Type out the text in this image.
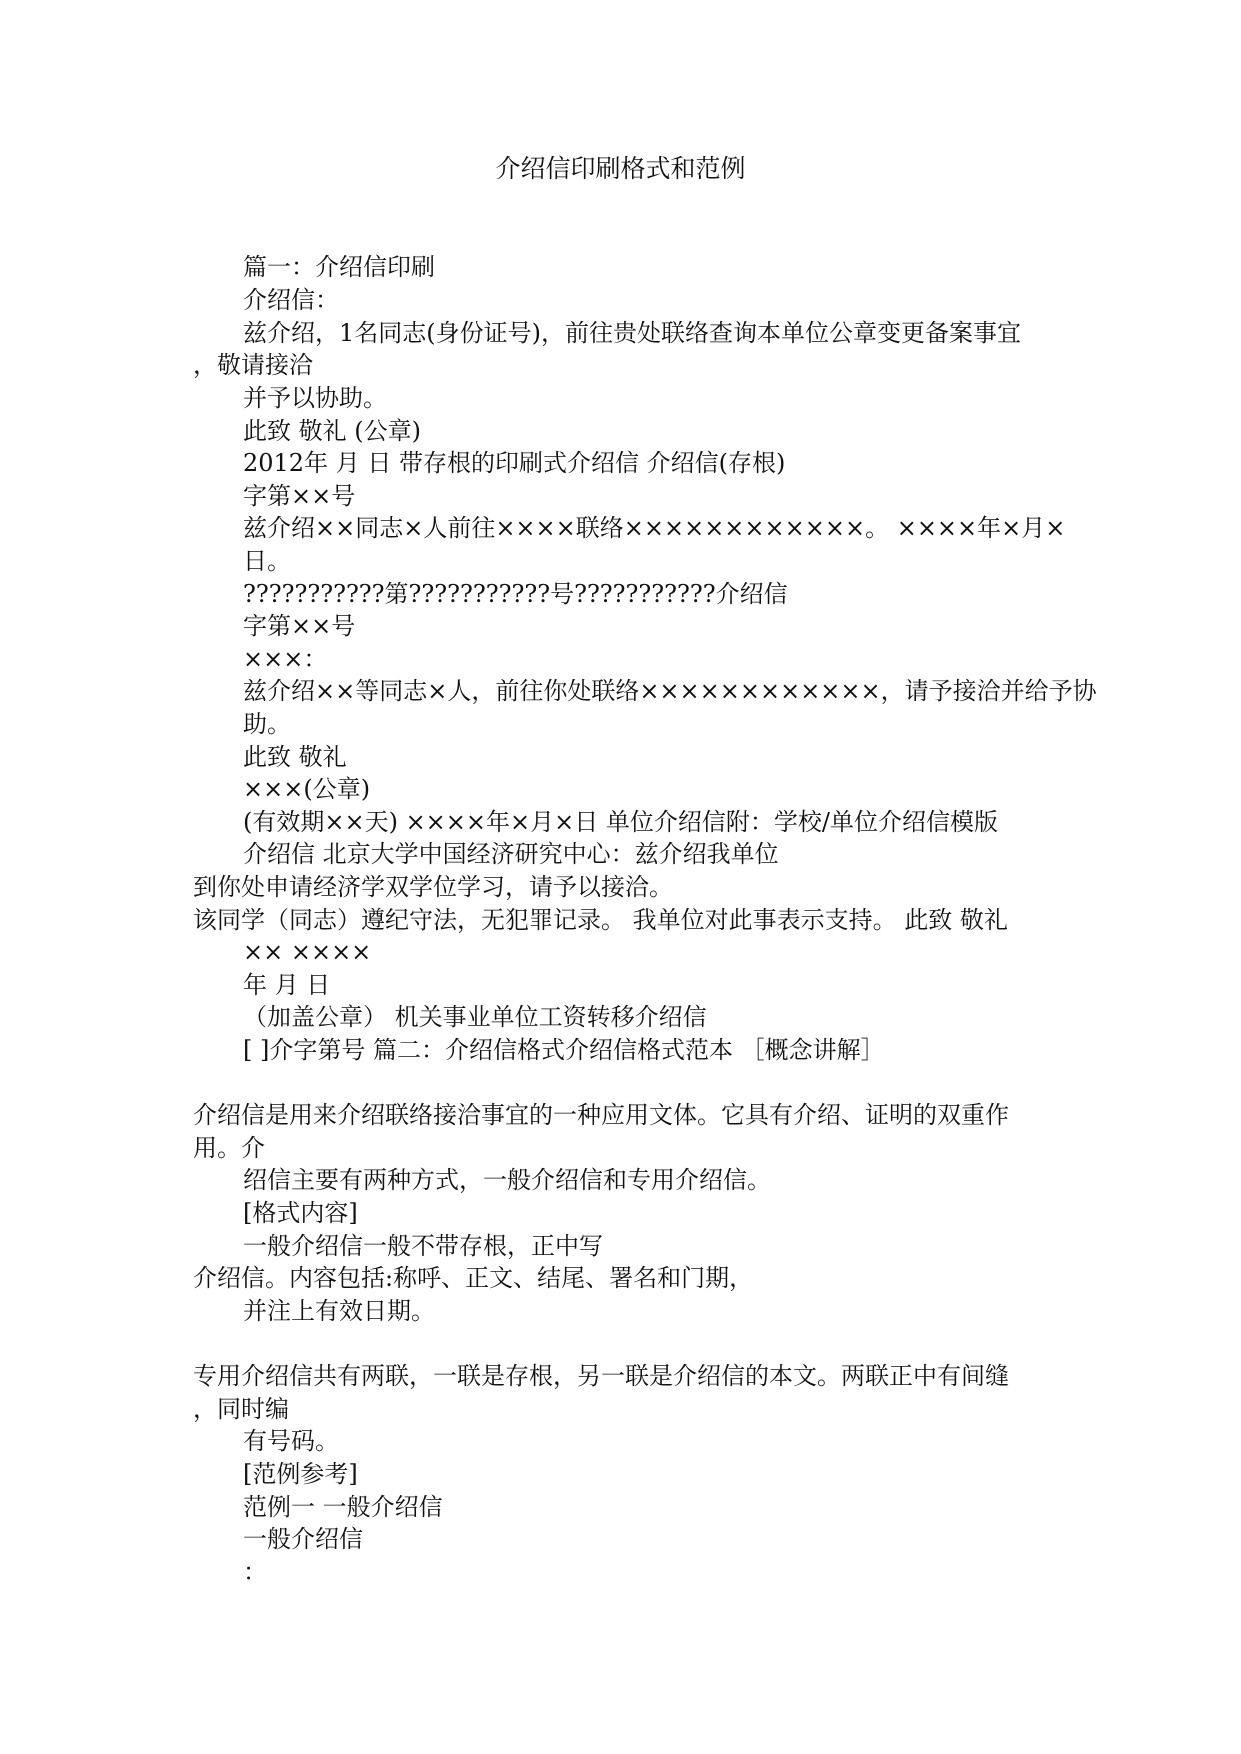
介绍信印刷格式和范例
篇一：介绍信印刷
介绍信：
兹介绍，1名同志(身份证号)，前往贵处联络查询本单位公章变更备案事宜
，敬请接洽
并予以协助。
此致 敬礼 (公章)
2012年 月 日 带存根的印刷式介绍信 介绍信(存根)
字第××号
兹介绍××同志×人前往××××联络××××××××××××。 ××××年×月×
日。
???????????第???????????号???????????介绍信
字第××号
×××：
兹介绍××等同志×人，前往你处联络××××××××××××，请予接洽并给予协
助。
此致 敬礼
×××(公章)
(有效期××天) ××××年×月×日 单位介绍信附：学校/单位介绍信模版
介绍信 北京大学中国经济研究中心：兹介绍我单位
到你处申请经济学双学位学习，请予以接洽。
该同学（同志）遵纪守法，无犯罪记录。 我单位对此事表示支持。 此致 敬礼
×× ××××
年 月 日
（加盖公章） 机关事业单位工资转移介绍信
[ ]介字第号 篇二：介绍信格式介绍信格式范本 ［概念讲解］
介绍信是用来介绍联络接洽事宜的一种应用文体。它具有介绍、证明的双重作
用。介
绍信主要有两种方式，一般介绍信和专用介绍信。
[格式内容]
一般介绍信一般不带存根，正中写
介绍信。内容包括:称呼、正文、结尾、署名和门期，
并注上有效日期。
专用介绍信共有两联，一联是存根，另一联是介绍信的本文。两联正中有间缝
，同时编
有号码。
[范例参考]
范例一 一般介绍信
一般介绍信
：
